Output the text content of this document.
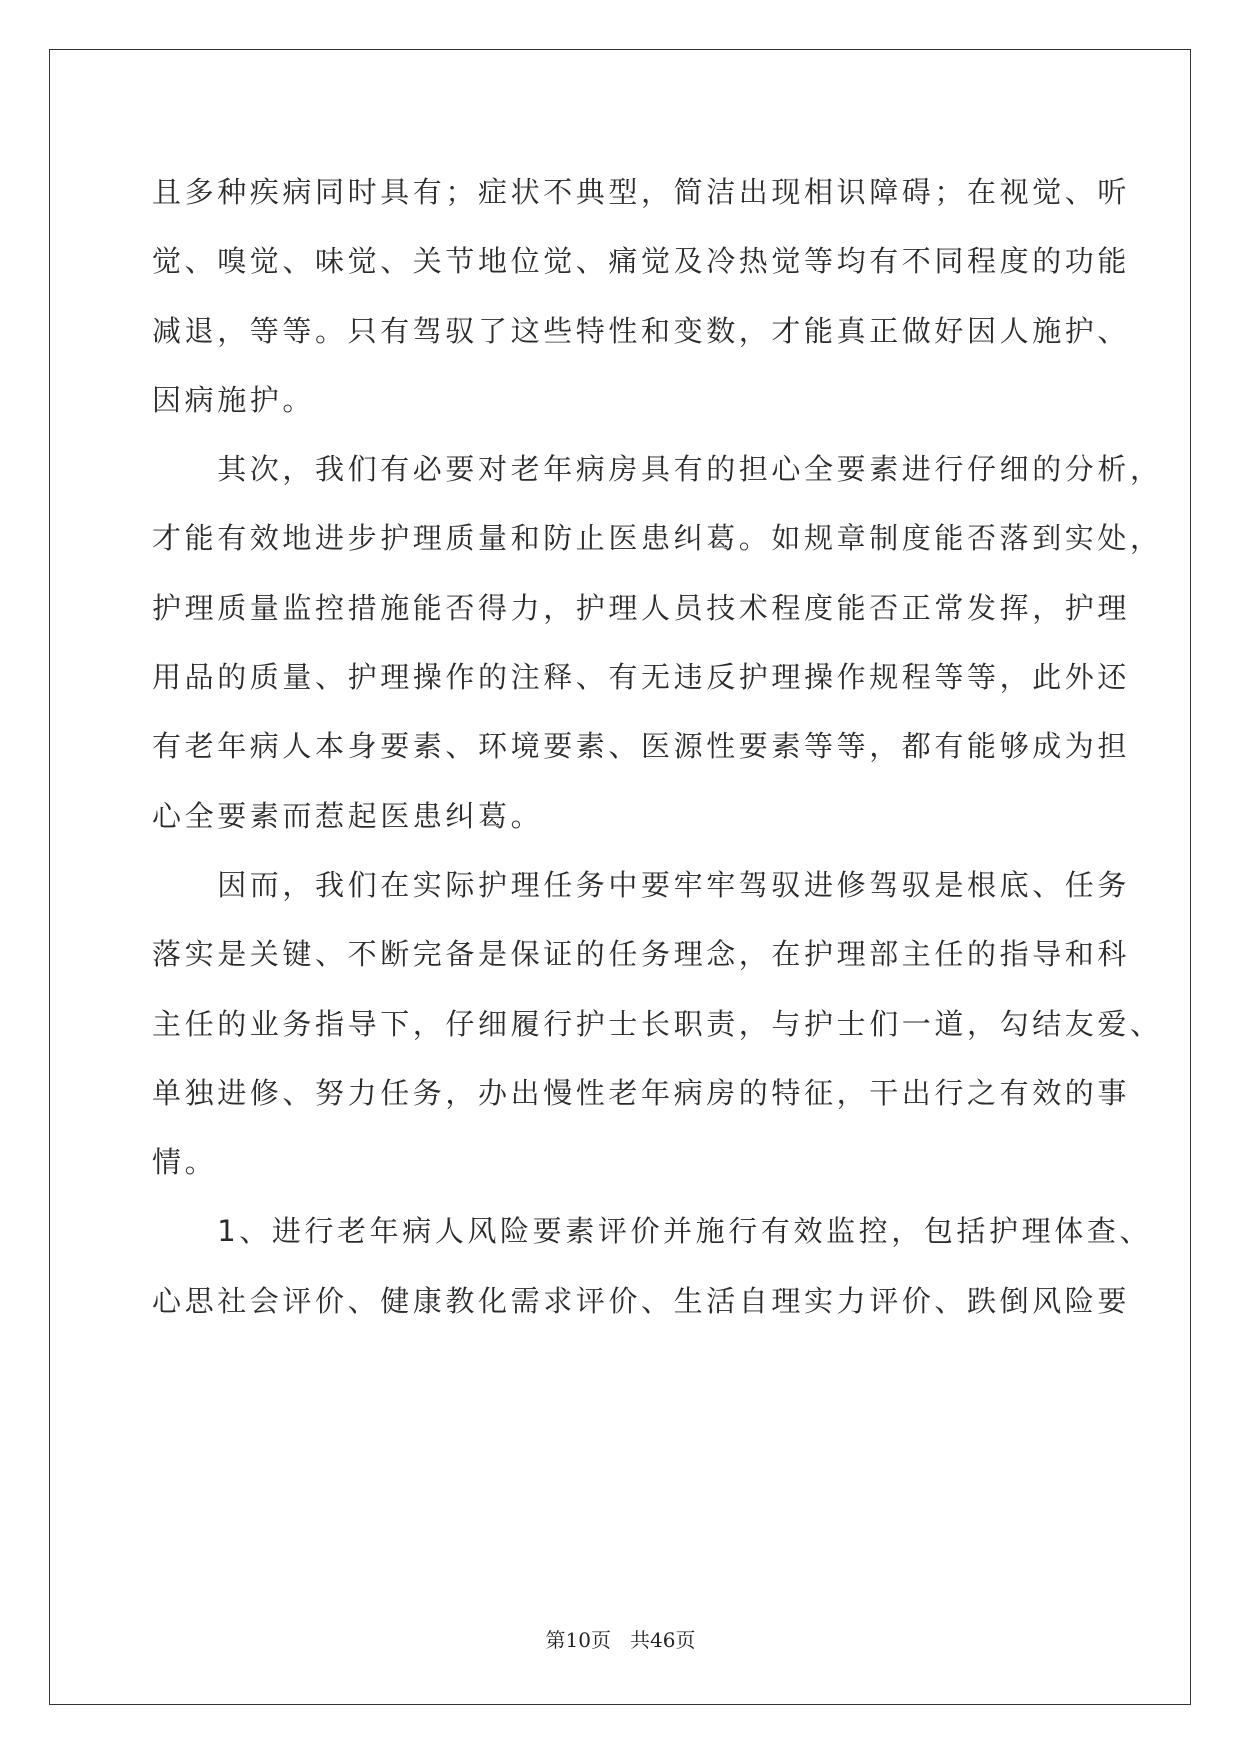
且多种疾病同时具有；症状不典型，简洁出现相识障碍；在视觉、听
觉、嗅觉、味觉、关节地位觉、痛觉及冷热觉等均有不同程度的功能
减退，等等。只有驾驭了这些特性和变数，才能真正做好因人施护、
因病施护。
　　其次，我们有必要对老年病房具有的担心全要素进行仔细的分析，
才能有效地进步护理质量和防止医患纠葛。如规章制度能否落到实处，
护理质量监控措施能否得力，护理人员技术程度能否正常发挥，护理
用品的质量、护理操作的注释、有无违反护理操作规程等等，此外还
有老年病人本身要素、环境要素、医源性要素等等，都有能够成为担
心全要素而惹起医患纠葛。
　　因而，我们在实际护理任务中要牢牢驾驭进修驾驭是根底、任务
落实是关键、不断完备是保证的任务理念，在护理部主任的指导和科
主任的业务指导下，仔细履行护士长职责，与护士们一道，勾结友爱、
单独进修、努力任务，办出慢性老年病房的特征，干出行之有效的事
情。
　　1、进行老年病人风险要素评价并施行有效监控，包括护理体查、
心思社会评价、健康教化需求评价、生活自理实力评价、跌倒风险要
第10页 共46页
